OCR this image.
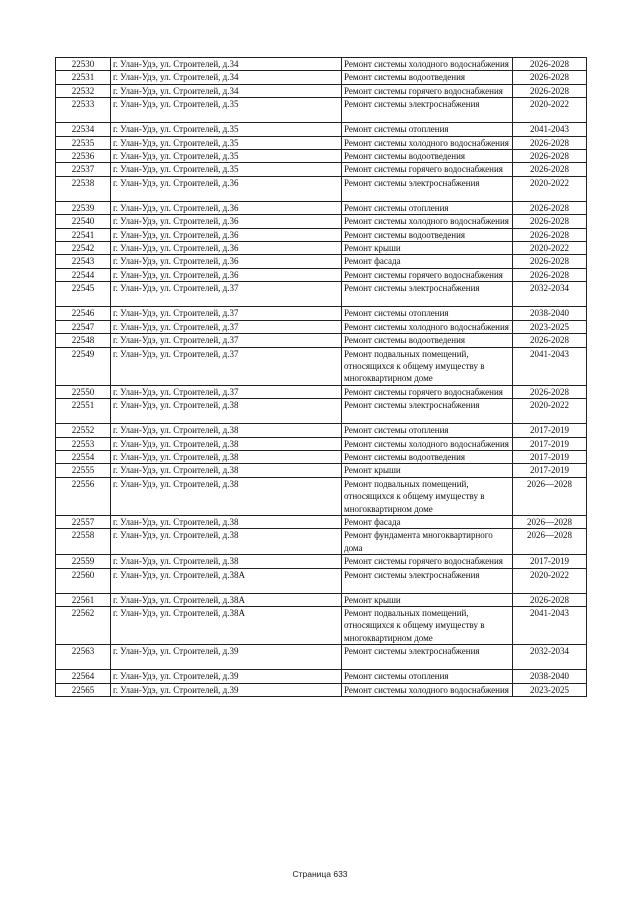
22530	г. Улан-Удэ, ул. Строителей, д.34	Ремонт системы холодного водоснабжения	2026-2028
22531	г. Улан-Удэ, ул. Строителей, д.34	Ремонт системы водоотведения	2026-2028
22532	г. Улан-Удэ, ул. Строителей, д.34	Ремонт системы горячего водоснабжения	2026-2028
22533	г. Улан-Удэ, ул. Строителей, д.35	Ремонт системы электроснабжения	2020-2022
22534	г. Улан-Удэ, ул. Строителей, д.35	Ремонт системы отопления	2041-2043
22535	г. Улан-Удэ, ул. Строителей, д.35	Ремонт системы холодного водоснабжения	2026-2028
22536	г. Улан-Удэ, ул. Строителей, д.35	Ремонт системы водоотведения	2026-2028
22537	г. Улан-Удэ, ул. Строителей, д.35	Ремонт системы горячего водоснабжения	2026-2028
22538	г. Улан-Удэ, ул. Строителей, д.36	Ремонт системы электроснабжения	2020-2022
22539	г. Улан-Удэ, ул. Строителей, д.36	Ремонт системы отопления	2026-2028
22540	г. Улан-Удэ, ул. Строителей, д.36	Ремонт системы холодного водоснабжения	2026-2028
22541	г. Улан-Удэ, ул. Строителей, д.36	Ремонт системы водоотведения	2026-2028
22542	г. Улан-Удэ, ул. Строителей, д.36	Ремонт крыши	2020-2022
22543	г. Улан-Удэ, ул. Строителей, д.36	Ремонт фасада	2026-2028
22544	г. Улан-Удэ, ул. Строителей, д.36	Ремонт системы горячего водоснабжения	2026-2028
22545	г. Улан-Удэ, ул. Строителей, д.37	Ремонт системы электроснабжения	2032-2034
22546	г. Улан-Удэ, ул. Строителей, д.37	Ремонт системы отопления	2038-2040
22547	г. Улан-Удэ, ул. Строителей, д.37	Ремонт системы холодного водоснабжения	2023-2025
22548	г. Улан-Удэ, ул. Строителей, д.37	Ремонт системы водоотведения	2026-2028
22549	г. Улан-Удэ, ул. Строителей, д.37	Ремонт подвальных помещений, относящихся к общему имуществу в многоквартирном доме	2041-2043
22550	г. Улан-Удэ, ул. Строителей, д.37	Ремонт системы горячего водоснабжения	2026-2028
22551	г. Улан-Удэ, ул. Строителей, д.38	Ремонт системы электроснабжения	2020-2022
22552	г. Улан-Удэ, ул. Строителей, д.38	Ремонт системы отопления	2017-2019
22553	г. Улан-Удэ, ул. Строителей, д.38	Ремонт системы холодного водоснабжения	2017-2019
22554	г. Улан-Удэ, ул. Строителей, д.38	Ремонт системы водоотведения	2017-2019
22555	г. Улан-Удэ, ул. Строителей, д.38	Ремонт крыши	2017-2019
22556	г. Улан-Удэ, ул. Строителей, д.38	Ремонт подвальных помещений, относящихся к общему имуществу в многоквартирном доме	2026—2028
22557	г. Улан-Удэ, ул. Строителей, д.38	Ремонт фасада	2026—2028
22558	г. Улан-Удэ, ул. Строителей, д.38	Ремонт фундамента многоквартирного дома	2026—2028
22559	г. Улан-Удэ, ул. Строителей, д.38	Ремонт системы горячего водоснабжения	2017-2019
22560	г. Улан-Удэ, ул. Строителей, д.38А	Ремонт системы электроснабжения	2020-2022
22561	г. Улан-Удэ, ул. Строителей, д.38А	Ремонт крыши	2026-2028
22562	г. Улан-Удэ, ул. Строителей, д.38А	Ремонт подвальных помещений, относящихся к общему имуществу в многоквартирном доме	2041-2043
22563	г. Улан-Удэ, ул. Строителей, д.39	Ремонт системы электроснабжения	2032-2034
22564	г. Улан-Удэ, ул. Строителей, д.39	Ремонт системы отопления	2038-2040
22565	г. Улан-Удэ, ул. Строителей, д.39	Ремонт системы холодного водоснабжения	2023-2025
Страница 633
